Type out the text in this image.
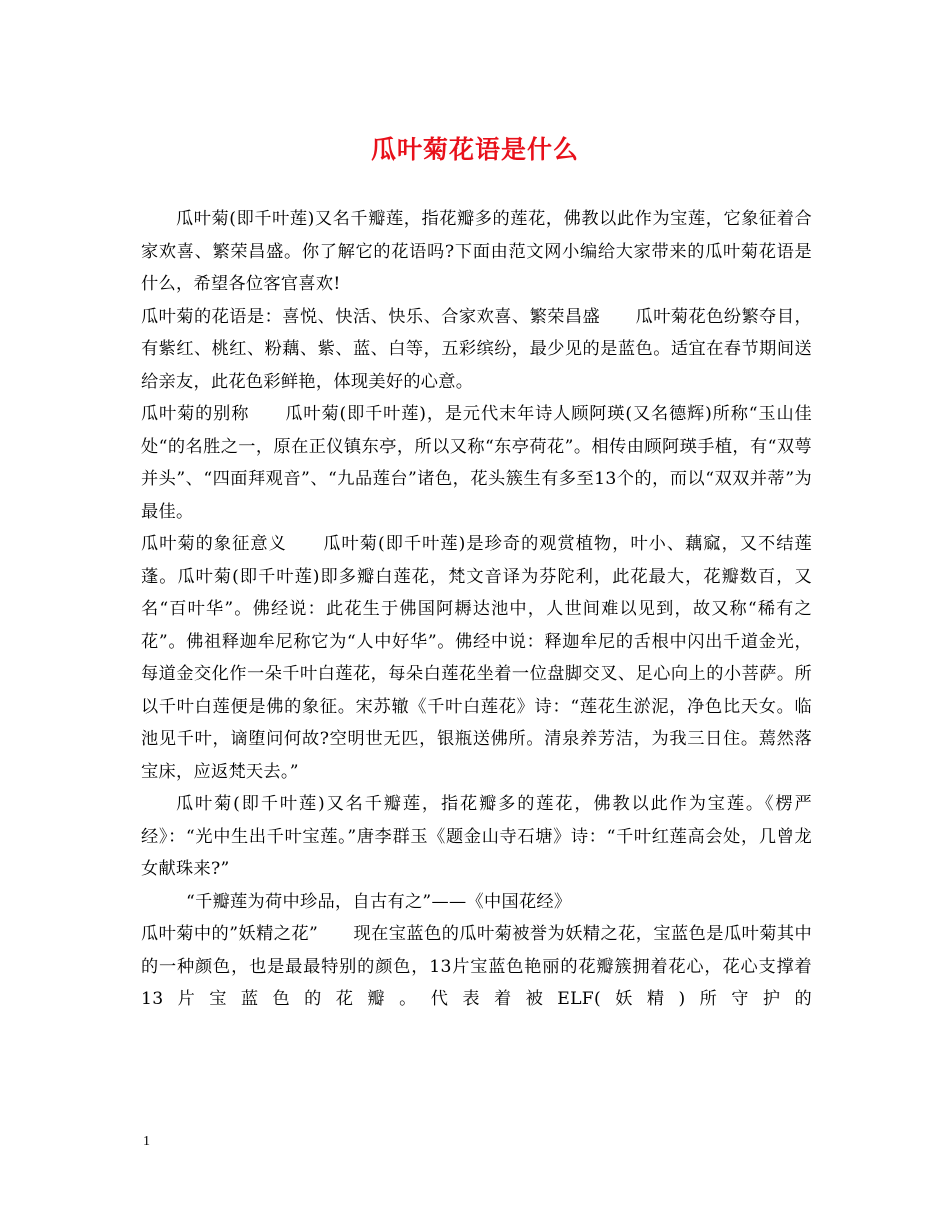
瓜叶菊花语是什么

瓜叶菊(即千叶莲)又名千瓣莲，指花瓣多的莲花，佛教以此作为宝莲，它象征着合家欢喜、繁荣昌盛。你了解它的花语吗?下面由范文网小编给大家带来的瓜叶菊花语是什么，希望各位客官喜欢!

瓜叶菊的花语是：喜悦、快活、快乐、合家欢喜、繁荣昌盛　　瓜叶菊花色纷繁夺目，有紫红、桃红、粉藕、紫、蓝、白等，五彩缤纷，最少见的是蓝色。适宜在春节期间送给亲友，此花色彩鲜艳，体现美好的心意。

瓜叶菊的别称　　瓜叶菊(即千叶莲)，是元代末年诗人顾阿瑛(又名德辉)所称“玉山佳处“的名胜之一，原在正仪镇东亭，所以又称“东亭荷花”。相传由顾阿瑛手植，有“双萼并头”、“四面拜观音”、“九品莲台”诸色，花头簇生有多至13个的，而以“双双并蒂”为最佳。

瓜叶菊的象征意义　　瓜叶菊(即千叶莲)是珍奇的观赏植物，叶小、藕窳，又不结莲蓬。瓜叶菊(即千叶莲)即多瓣白莲花，梵文音译为芬陀利，此花最大，花瓣数百，又名“百叶华”。佛经说：此花生于佛国阿耨达池中，人世间难以见到，故又称“稀有之花”。佛祖释迦牟尼称它为“人中好华”。佛经中说：释迦牟尼的舌根中闪出千道金光，每道金交化作一朵千叶白莲花，每朵白莲花坐着一位盘脚交叉、足心向上的小菩萨。所以千叶白莲便是佛的象征。宋苏辙《千叶白莲花》诗：“莲花生淤泥，净色比天女。临池见千叶，谪堕问何故?空明世无匹，银瓶送佛所。清泉养芳洁，为我三日住。蔫然落宝床，应返梵天去。”

瓜叶菊(即千叶莲)又名千瓣莲，指花瓣多的莲花，佛教以此作为宝莲。《楞严经》：“光中生出千叶宝莲。”唐李群玉《题金山寺石塘》诗：“千叶红莲高会处，几曾龙女献珠来?”

“千瓣莲为荷中珍品，自古有之”——《中国花经》

瓜叶菊中的”妖精之花”　　现在宝蓝色的瓜叶菊被誉为妖精之花，宝蓝色是瓜叶菊其中的一种颜色，也是最最特别的颜色，13片宝蓝色艳丽的花瓣簇拥着花心，花心支撑着13片宝蓝色的花瓣。代表着被ELF(妖精)所守护的

1
